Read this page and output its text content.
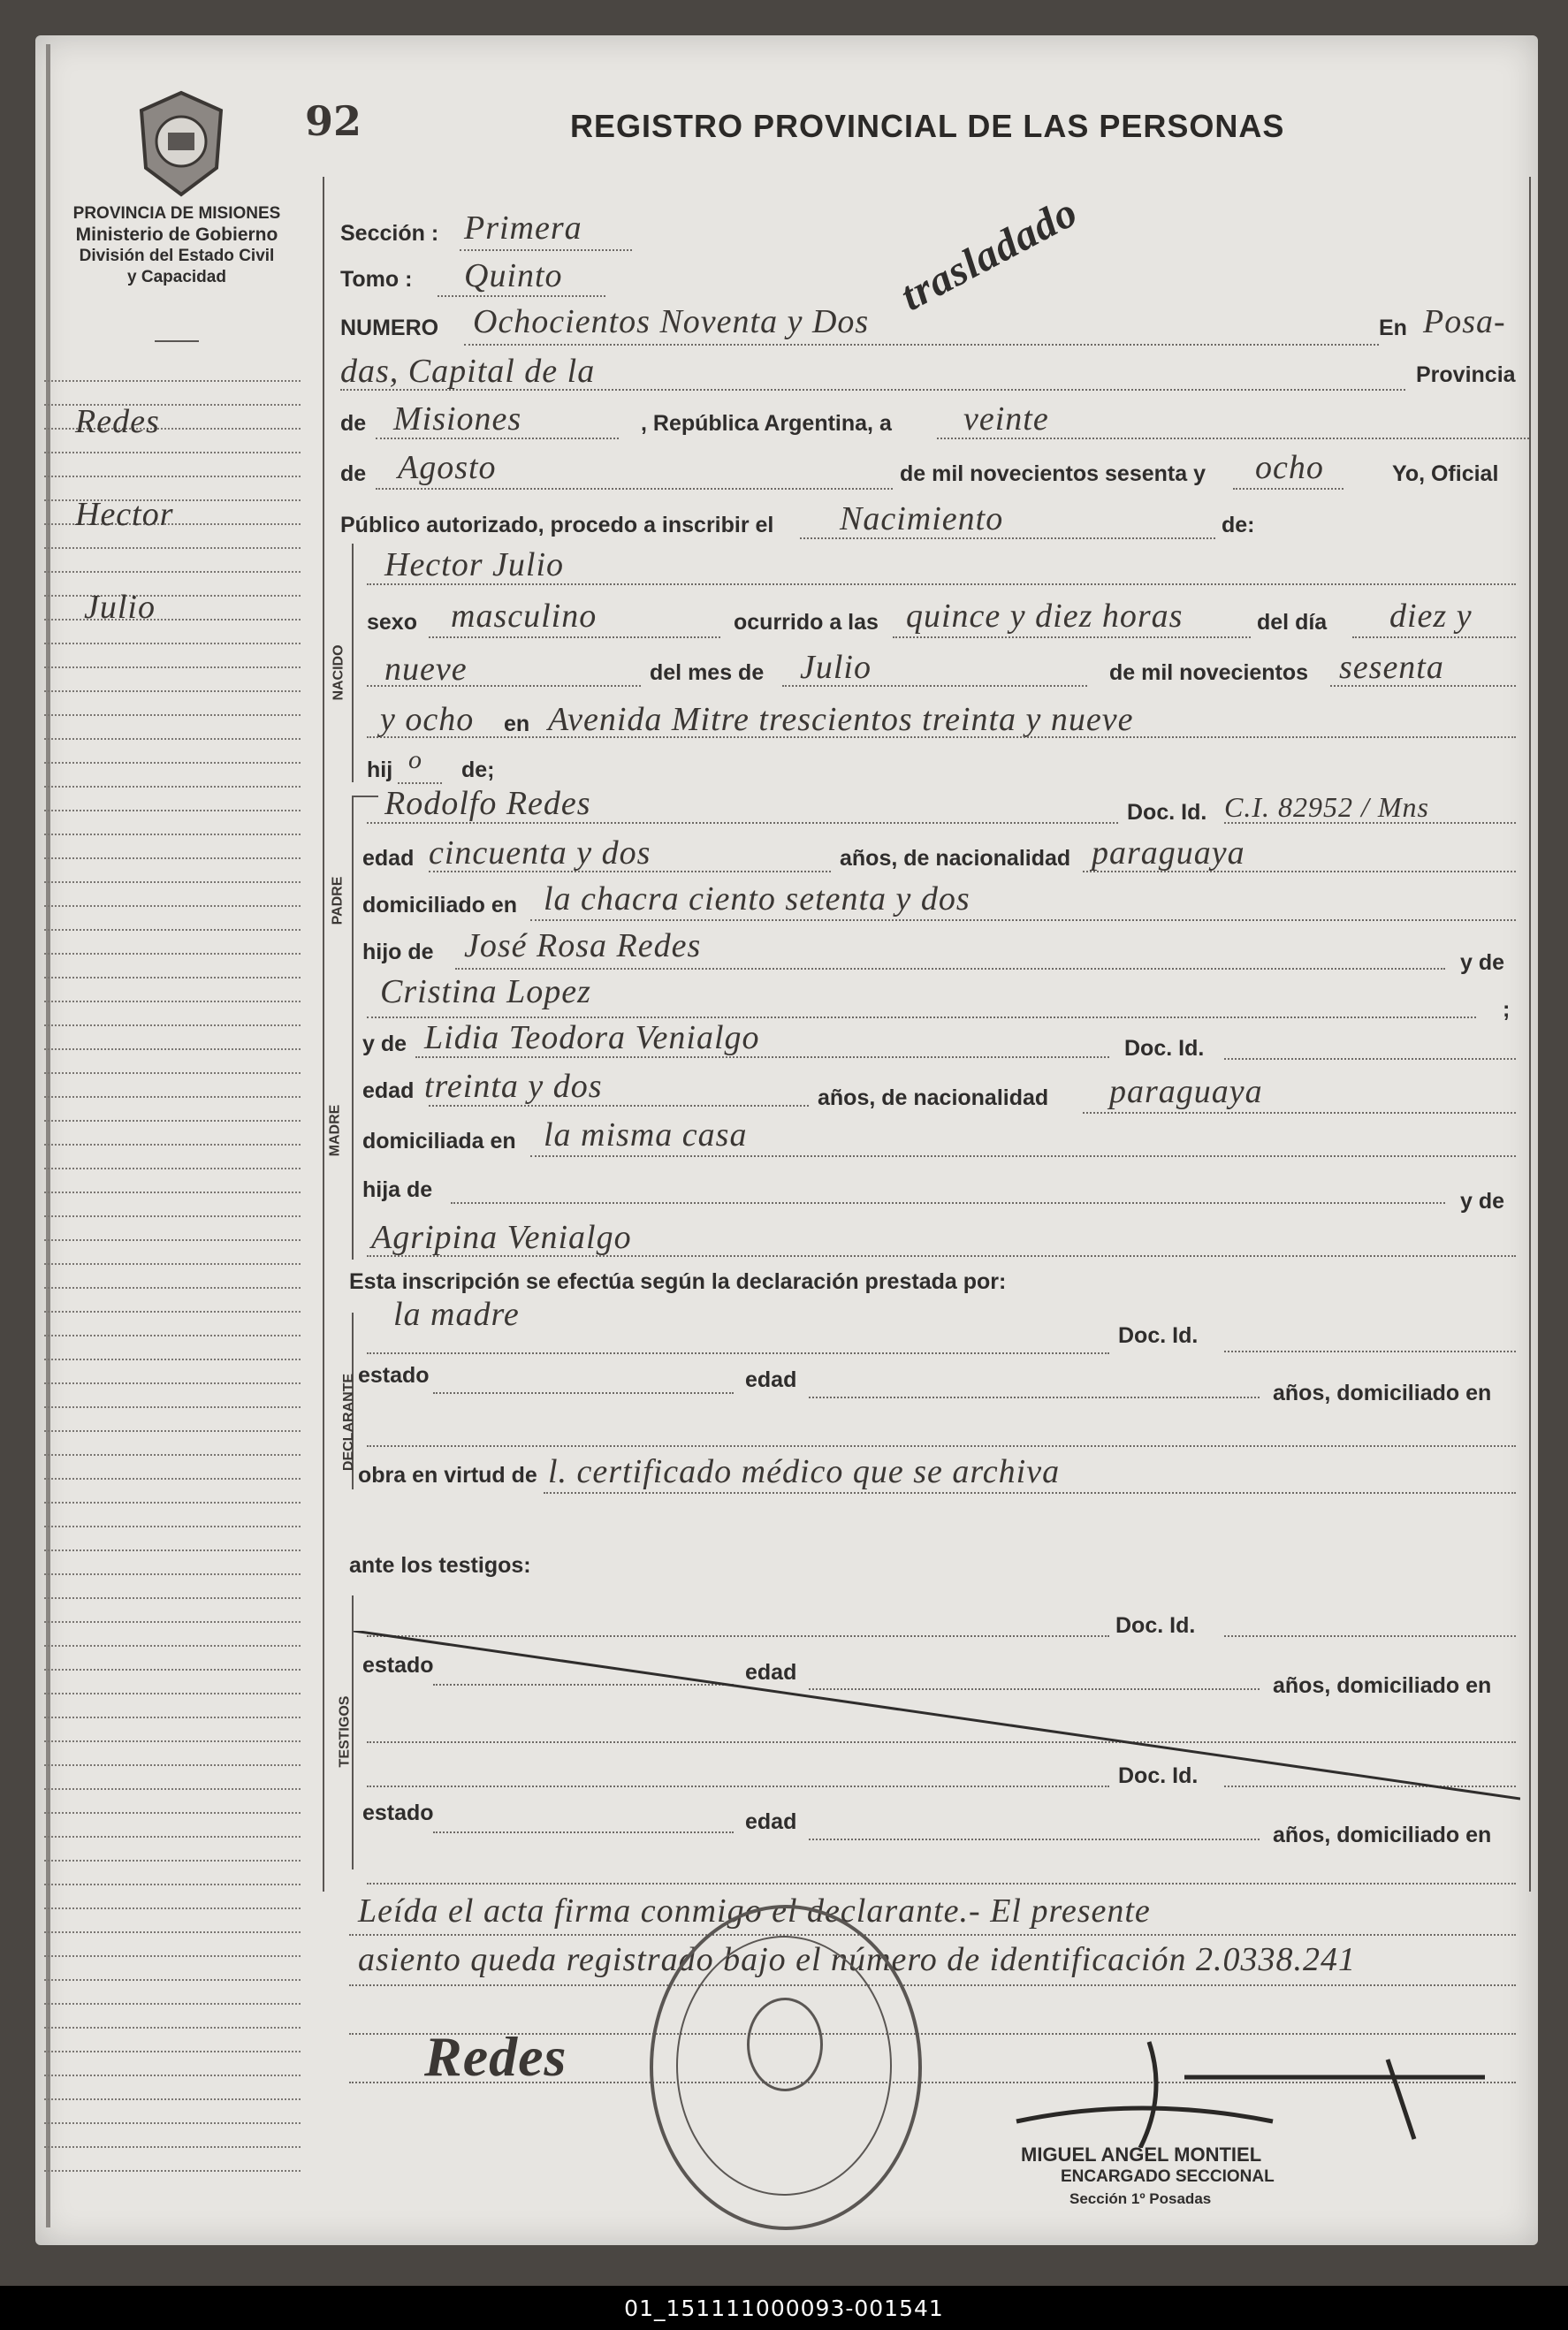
92	REGISTRO PROVINCIAL DE LAS PERSONAS
PROVINCIA DE MISIONES
Ministerio de Gobierno
División del Estado Civil
y Capacidad	trasladado
Redes
Hector
Julio
Sección : Primera
Tomo : Quinto
NUMERO Ochocientos Noventa y Dos	En Posa-
das, Capital de la	Provincia
de Misiones	, República Argentina, a veinte
de Agosto	de mil novecientos sesenta y ocho	Yo, Oficial
Público autorizado, procedo a inscribir el Nacimiento	de:
NACIDO
Hector Julio
sexo masculino	ocurrido a las quince y diez horas	del día diez y
nueve	del mes de Julio	de mil novecientos sesenta
y ocho en Avenida Mitre trescientos treinta y nueve
hij o de;
PADRE
Rodolfo Redes	Doc. Id. C.I. 82952 / Mns
edad cincuenta y dos	años, de nacionalidad paraguaya
domiciliado en la chacra ciento setenta y dos
hijo de José Rosa Redes	y de
Cristina Lopez	;
y de Lidia Teodora Venialgo	Doc. Id.
MADRE
edad treinta y dos	años, de nacionalidad paraguaya
domiciliada en la misma casa
hija de	y de
Agripina Venialgo
Esta inscripción se efectúa según la declaración prestada por:
DECLARANTE
la madre
Doc. Id.
estado	edad
años, domiciliado en
obra en virtud de l. certificado médico que se archiva
ante los testigos:
TESTIGOS
Doc. Id.
estado	edad
años, domiciliado en
Doc. Id.
estado	edad
años, domiciliado en
Leída el acta firma conmigo el declarante.- El presente
asiento queda registrado bajo el número de identificación 2.0338.241
Redes
MIGUEL ANGEL MONTIEL
ENCARGADO SECCIONAL
Sección 1º Posadas
01_151111000093-001541
